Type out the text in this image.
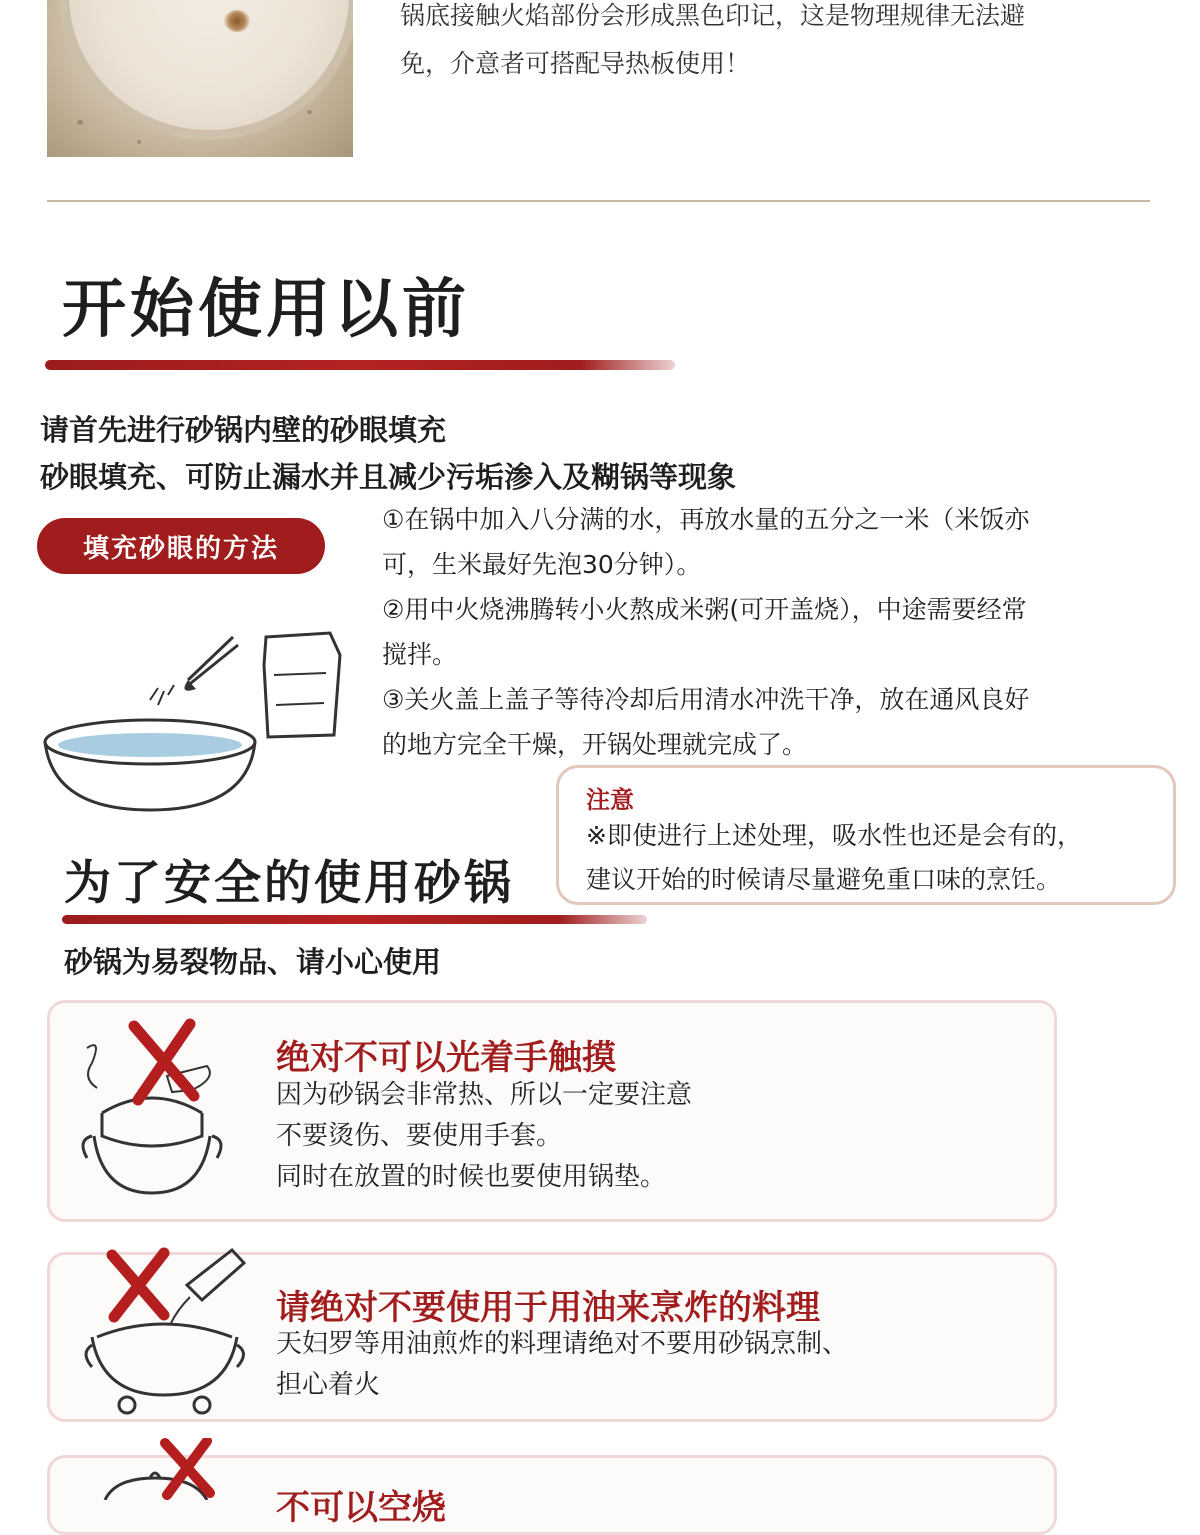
锅底接触火焰部份会形成黑色印记，这是物理规律无法避
免，介意者可搭配导热板使用！
开始使用以前
请首先进行砂锅内壁的砂眼填充
砂眼填充、可防止漏水并且减少污垢渗入及糊锅等现象
填充砂眼的方法

①在锅中加入八分满的水，再放水量的五分之一米（米饭亦

可，生米最好先泡30分钟）。

②用中火烧沸腾转小火熬成米粥(可开盖烧），中途需要经常

搅拌。

③关火盖上盖子等待冷却后用清水冲洗干净，放在通风良好

的地方完全干燥，开锅处理就完成了。

注意
※即使进行上述处理，吸水性也还是会有的，
建议开始的时候请尽量避免重口味的烹饪。
为了安全的使用砂锅
砂锅为易裂物品、请小心使用
绝对不可以光着手触摸

因为砂锅会非常热、所以一定要注意

不要烫伤、要使用手套。

同时在放置的时候也要使用锅垫。

请绝对不要使用于用油来烹炸的料理

天妇罗等用油煎炸的料理请绝对不要用砂锅烹制、

担心着火

不可以空烧
